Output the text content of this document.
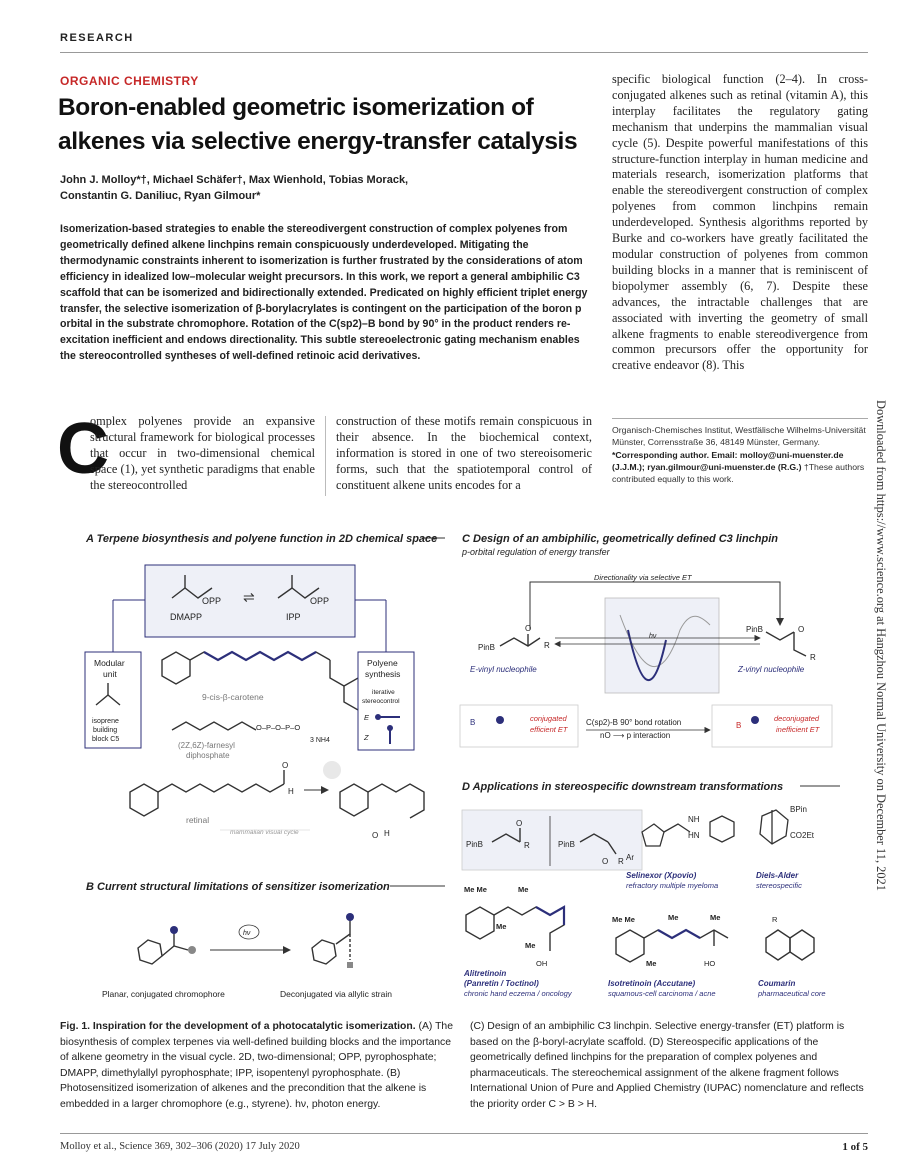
RESEARCH
ORGANIC CHEMISTRY
Boron-enabled geometric isomerization of alkenes via selective energy-transfer catalysis
John J. Molloy*†, Michael Schäfer†, Max Wienhold, Tobias Morack,
Constantin G. Daniliuc, Ryan Gilmour*
Isomerization-based strategies to enable the stereodivergent construction of complex polyenes from geometrically defined alkene linchpins remain conspicuously underdeveloped. Mitigating the thermodynamic constraints inherent to isomerization is further frustrated by the considerations of atom efficiency in idealized low–molecular weight precursors. In this work, we report a general ambiphilic C3 scaffold that can be isomerized and bidirectionally extended. Predicated on highly efficient triplet energy transfer, the selective isomerization of β-borylacrylates is contingent on the participation of the boron p orbital in the substrate chromophore. Rotation of the C(sp2)–B bond by 90° in the product renders re-excitation inefficient and endows directionality. This subtle stereoelectronic gating mechanism enables the stereocontrolled syntheses of well-defined retinoic acid derivatives.
specific biological function (2–4). In cross-conjugated alkenes such as retinal (vitamin A), this interplay facilitates the regulatory gating mechanism that underpins the mammalian visual cycle (5). Despite powerful manifestations of this structure-function interplay in human medicine and materials research, isomerization platforms that enable the stereodivergent construction of complex polyenes from common linchpins remain underdeveloped. Synthesis algorithms reported by Burke and co-workers have greatly facilitated the modular construction of polyenes from common building blocks in a manner that is reminiscent of biopolymer assembly (6, 7). Despite these advances, the intractable challenges that are associated with inverting the geometry of small alkene fragments to enable stereodivergence from common precursors offer the opportunity for creative endeavor (8). This
C
omplex polyenes provide an expansive structural framework for biological processes that occur in two-dimensional chemical space (1), yet synthetic paradigms that enable the stereocontrolled
construction of these motifs remain conspicuous in their absence. In the biochemical context, information is stored in one of two stereoisomeric forms, such that the spatiotemporal control of constituent alkene units encodes for a
Organisch-Chemisches Institut, Westfälische Wilhelms-Universität Münster, Corrensstraße 36, 48149 Münster, Germany.
*Corresponding author. Email: molloy@uni-muenster.de (J.J.M.); ryan.gilmour@uni-muenster.de (R.G.) †These authors contributed equally to this work.	Downloaded from https://www.science.org at Hangzhou Normal University on December 11, 2021
A Terpene biosynthesis and polyene function in 2D chemical space
OPP
DMAPP
⇌	OPP
IPP
Modular
unit
isoprene
building
block C5
9-cis-β-carotene
Polyene
synthesis
iterative
stereocontrol
E
Z
O–P–O–P–O
3 NH4
(2Z,6Z)-farnesyl
diphosphate
O
H
retinal
O H
mammalian visual cycle
B Current structural limitations of sensitizer isomerization
hν
Planar, conjugated chromophore	Deconjugated via allylic strain
C Design of an ambiphilic, geometrically defined C3 linchpin
p-orbital regulation of energy transfer
Directionality via selective ET
O
PinB	R
E-vinyl nucleophile
hν
PinB	O
R
Z-vinyl nucleophile
B	conjugated
efficient ET
C(sp2)-B 90° bond rotation
nO ⟶ p interaction
B
deconjugated
inefficient ET
D Applications in stereospecific downstream transformations
PinB
O
R	PinB
O R Ar
NH
HN
Selinexor (Xpovio)
refractory multiple myeloma
BPin
CO2Et
Diels-Alder
stereospecific
Me Me	Me
Me
Me
OH
Alitretinoin
(Panretin / Toctinol)
chronic hand eczema / oncology
Me Me	Me	Me
Me	HO
Isotretinoin (Accutane)
squamous-cell carcinoma / acne
R
Coumarin
pharmaceutical core
Fig. 1. Inspiration for the development of a photocatalytic isomerization. (A) The biosynthesis of complex terpenes via well-defined building blocks and the importance of alkene geometry in the visual cycle. 2D, two-dimensional; OPP, pyrophosphate; DMAPP, dimethylallyl pyrophosphate; IPP, isopentenyl pyrophosphate. (B) Photosensitized isomerization of alkenes and the precondition that the alkene is embedded in a larger chromophore (e.g., styrene). hν, photon energy.
(C) Design of an ambiphilic C3 linchpin. Selective energy-transfer (ET) platform is based on the β-boryl-acrylate scaffold. (D) Stereospecific applications of the geometrically defined linchpins for the preparation of complex polyenes and pharmaceuticals. The stereochemical assignment of the alkene fragment follows International Union of Pure and Applied Chemistry (IUPAC) nomenclature and reflects the priority order C > B > H.
Molloy et al., Science 369, 302–306 (2020) 17 July 2020	1 of 5
